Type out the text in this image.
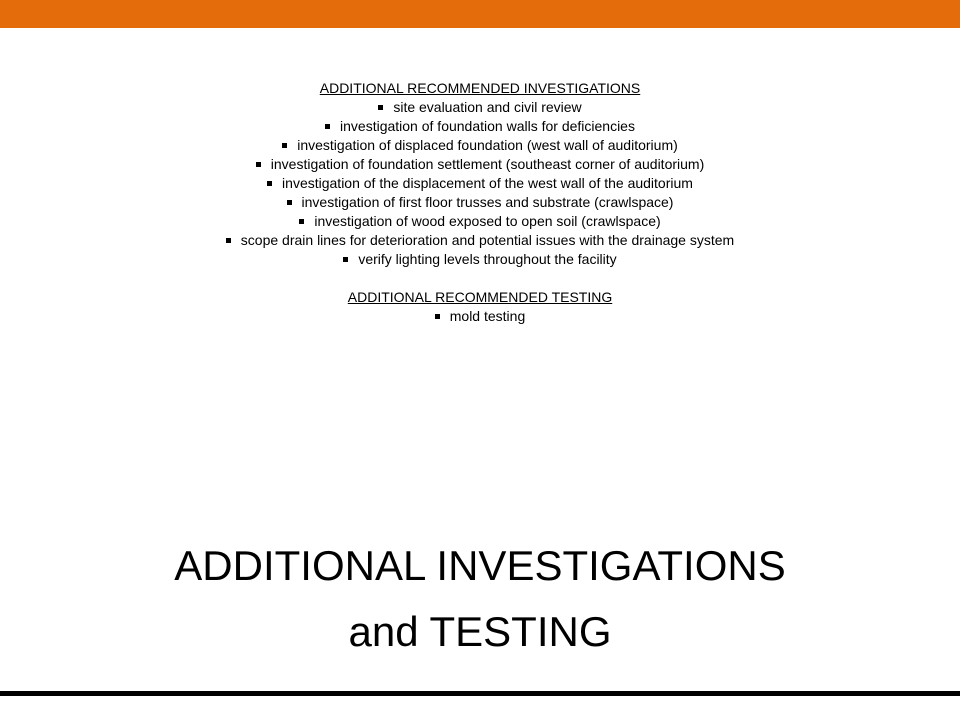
ADDITIONAL RECOMMENDED INVESTIGATIONS
site evaluation and civil review
investigation of foundation walls for deficiencies
investigation of displaced foundation (west wall of auditorium)
investigation of foundation settlement (southeast corner of auditorium)
investigation of the displacement of the west wall of the auditorium
investigation of first floor trusses and substrate (crawlspace)
investigation of wood exposed to open soil (crawlspace)
scope drain lines for deterioration and potential issues with the drainage system
verify lighting levels throughout the facility
ADDITIONAL RECOMMENDED TESTING
mold testing
ADDITIONAL INVESTIGATIONS
and TESTING
